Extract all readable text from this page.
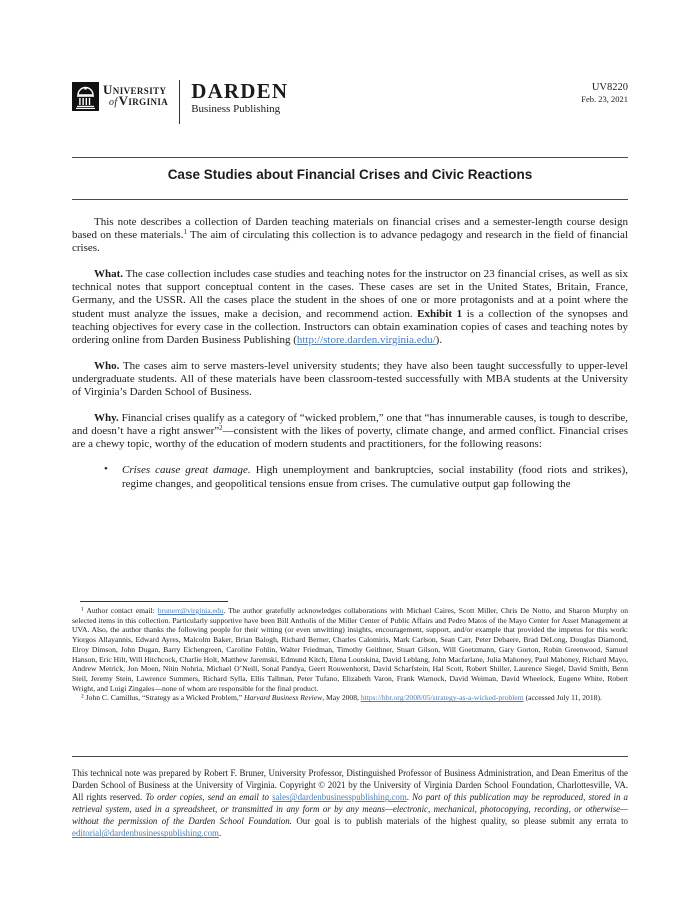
University
ofVirginia DARDEN
Business Publishing
UV8220
Feb. 23, 2021
Case Studies about Financial Crises and Civic Reactions

This note describes a collection of Darden teaching materials on financial crises and a semester-length course design based on these materials.$^1$ The aim of circulating this collection is to advance pedagogy and research in the field of financial crises.

What. The case collection includes case studies and teaching notes for the instructor on 23 financial crises, as well as six technical notes that support conceptual content in the cases. These cases are set in the United States, Britain, France, Germany, and the USSR. All the cases place the student in the shoes of one or more protagonists and at a point where the student must analyze the issues, make a decision, and recommend action. Exhibit 1 is a collection of the synopses and teaching objectives for every case in the collection. Instructors can obtain examination copies of cases and teaching notes by ordering online from Darden Business Publishing (http://store.darden.virginia.edu/).

Who. The cases aim to serve masters-level university students; they have also been taught successfully to upper-level undergraduate students. All of these materials have been classroom-tested successfully with MBA students at the University of Virginia’s Darden School of Business.

Why. Financial crises qualify as a category of “wicked problem,” one that “has innumerable causes, is tough to describe, and doesn’t have a right answer”$^2$—consistent with the likes of poverty, climate change, and armed conflict. Financial crises are a chewy topic, worthy of the education of modern students and practitioners, for the following reasons:

• Crises cause great damage. High unemployment and bankruptcies, social instability (food riots and strikes), regime changes, and geopolitical tensions ensue from crises. The cumulative output gap following the

$^1$ Author contact email: brunerr@virginia.edu. The author gratefully acknowledges collaborations with Michael Caires, Scott Miller, Chris De Notto, and Sharon Murphy on selected items in this collection. Particularly supportive have been Bill Antholis of the Miller Center of Public Affairs and Pedro Matos of the Mayo Center for Asset Management at UVA. Also, the author thanks the following people for their witting (or even unwitting) insights, encouragement, support, and/or example that provided the impetus for this work: Yiorgos Allayannis, Edward Ayres, Malcolm Baker, Brian Balogh, Richard Berner, Charles Calomiris, Mark Carlson, Sean Carr, Peter Debaere, Brad DeLong, Douglas Diamond, Elroy Dimson, John Dugan, Barry Eichengreen, Caroline Fohlin, Walter Friedman, Timothy Geithner, Stuart Gilson, Will Goetzmann, Gary Gorton, Robin Greenwood, Samuel Hanson, Eric Hilt, Will Hitchcock, Charlie Holt, Matthew Jaremski, Edmund Kitch, Elena Loutskina, David Leblang, John Macfarlane, Julia Mahoney, Paul Mahoney, Richard Mayo, Andrew Metrick, Jon Moen, Nitin Nohria, Michael O’Neill, Sonal Pandya, Geert Rouwenhorst, David Scharfstein, Hal Scott, Robert Shiller, Laurence Siegel, David Smith, Benn Steil, Jeremy Stein, Lawrence Summers, Richard Sylla, Ellis Tallman, Peter Tufano, Elizabeth Varon, Frank Warnock, David Weiman, David Wheelock, Eugene White, Robert Wright, and Luigi Zingales—none of whom are responsible for the final product.

$^2$ John C. Camillus, “Strategy as a Wicked Problem,” Harvard Business Review, May 2008, https://hbr.org/2008/05/strategy-as-a-wicked-problem (accessed July 11, 2018).

This technical note was prepared by Robert F. Bruner, University Professor, Distinguished Professor of Business Administration, and Dean Emeritus of the Darden School of Business at the University of Virginia. Copyright © 2021 by the University of Virginia Darden School Foundation, Charlottesville, VA. All rights reserved. To order copies, send an email to sales@dardenbusinesspublishing.com. No part of this publication may be reproduced, stored in a retrieval system, used in a spreadsheet, or transmitted in any form or by any means—electronic, mechanical, photocopying, recording, or otherwise—without the permission of the Darden School Foundation. Our goal is to publish materials of the highest quality, so please submit any errata to editorial@dardenbusinesspublishing.com.
